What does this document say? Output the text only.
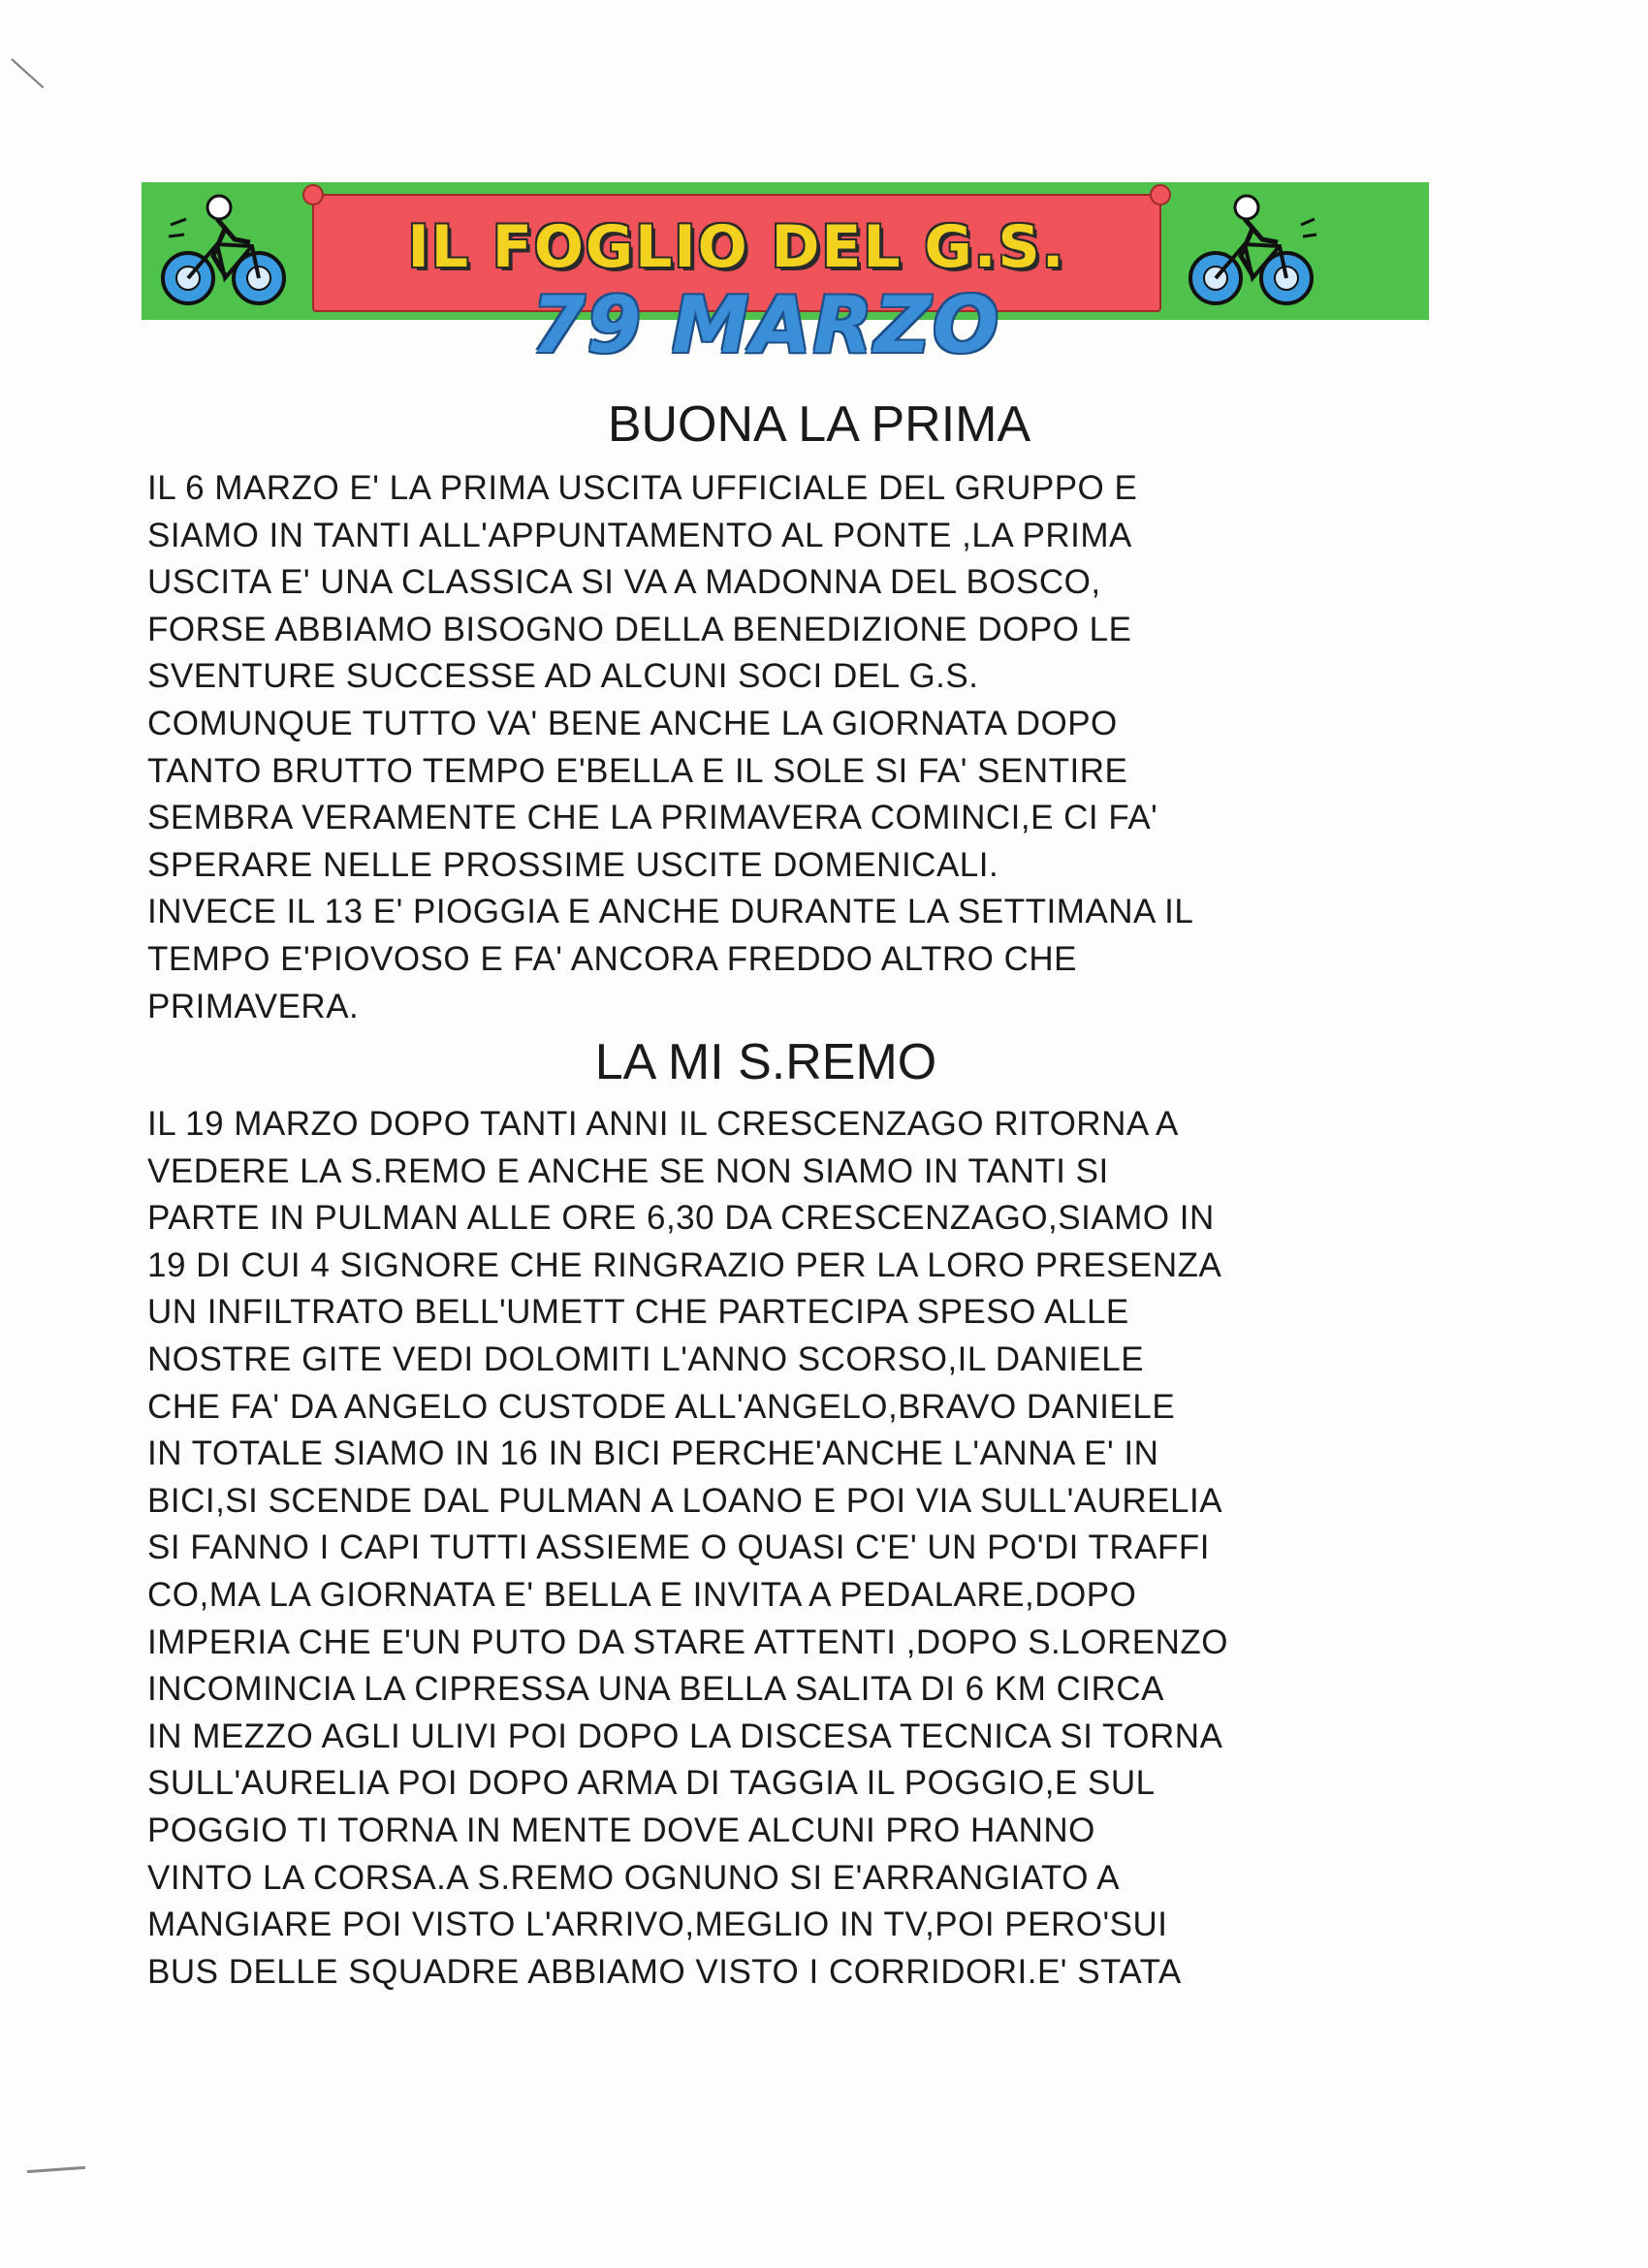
IL FOGLIO DEL G.S.
79 MARZO
BUONA LA PRIMA
IL 6 MARZO E' LA PRIMA USCITA UFFICIALE DEL GRUPPO E
SIAMO IN TANTI ALL'APPUNTAMENTO AL PONTE ,LA PRIMA
USCITA E' UNA CLASSICA SI VA A MADONNA DEL BOSCO,
FORSE ABBIAMO BISOGNO DELLA BENEDIZIONE DOPO LE
SVENTURE SUCCESSE AD ALCUNI SOCI DEL G.S.
COMUNQUE TUTTO VA' BENE ANCHE LA GIORNATA DOPO
TANTO BRUTTO TEMPO E'BELLA E IL SOLE SI FA' SENTIRE
SEMBRA VERAMENTE CHE LA PRIMAVERA COMINCI,E CI FA'
SPERARE NELLE PROSSIME USCITE DOMENICALI.
INVECE IL 13 E' PIOGGIA E ANCHE DURANTE LA SETTIMANA IL
TEMPO E'PIOVOSO E FA' ANCORA FREDDO ALTRO CHE
PRIMAVERA.
LA MI S.REMO
IL 19 MARZO DOPO TANTI ANNI IL CRESCENZAGO RITORNA A
VEDERE LA S.REMO E ANCHE SE NON SIAMO IN TANTI SI
PARTE IN PULMAN ALLE ORE 6,30 DA CRESCENZAGO,SIAMO IN
19 DI CUI 4 SIGNORE CHE RINGRAZIO PER LA LORO PRESENZA
UN INFILTRATO BELL'UMETT CHE PARTECIPA SPESO ALLE
NOSTRE GITE VEDI DOLOMITI L'ANNO SCORSO,IL DANIELE
CHE FA' DA ANGELO CUSTODE ALL'ANGELO,BRAVO DANIELE
IN TOTALE SIAMO IN 16 IN BICI PERCHE'ANCHE L'ANNA E' IN
BICI,SI SCENDE DAL PULMAN A LOANO E POI VIA SULL'AURELIA
SI FANNO I CAPI TUTTI ASSIEME O QUASI C'E' UN PO'DI TRAFFI
CO,MA LA GIORNATA E' BELLA E INVITA A PEDALARE,DOPO
IMPERIA CHE E'UN PUTO DA STARE ATTENTI ,DOPO S.LORENZO
INCOMINCIA LA CIPRESSA UNA BELLA SALITA DI 6 KM CIRCA
IN MEZZO AGLI ULIVI POI DOPO LA DISCESA TECNICA SI TORNA
SULL'AURELIA POI DOPO ARMA DI TAGGIA IL POGGIO,E SUL
POGGIO TI TORNA IN MENTE DOVE ALCUNI PRO HANNO
VINTO LA CORSA.A S.REMO OGNUNO SI E'ARRANGIATO A
MANGIARE POI VISTO L'ARRIVO,MEGLIO IN TV,POI PERO'SUI
BUS DELLE SQUADRE ABBIAMO VISTO I CORRIDORI.E' STATA
